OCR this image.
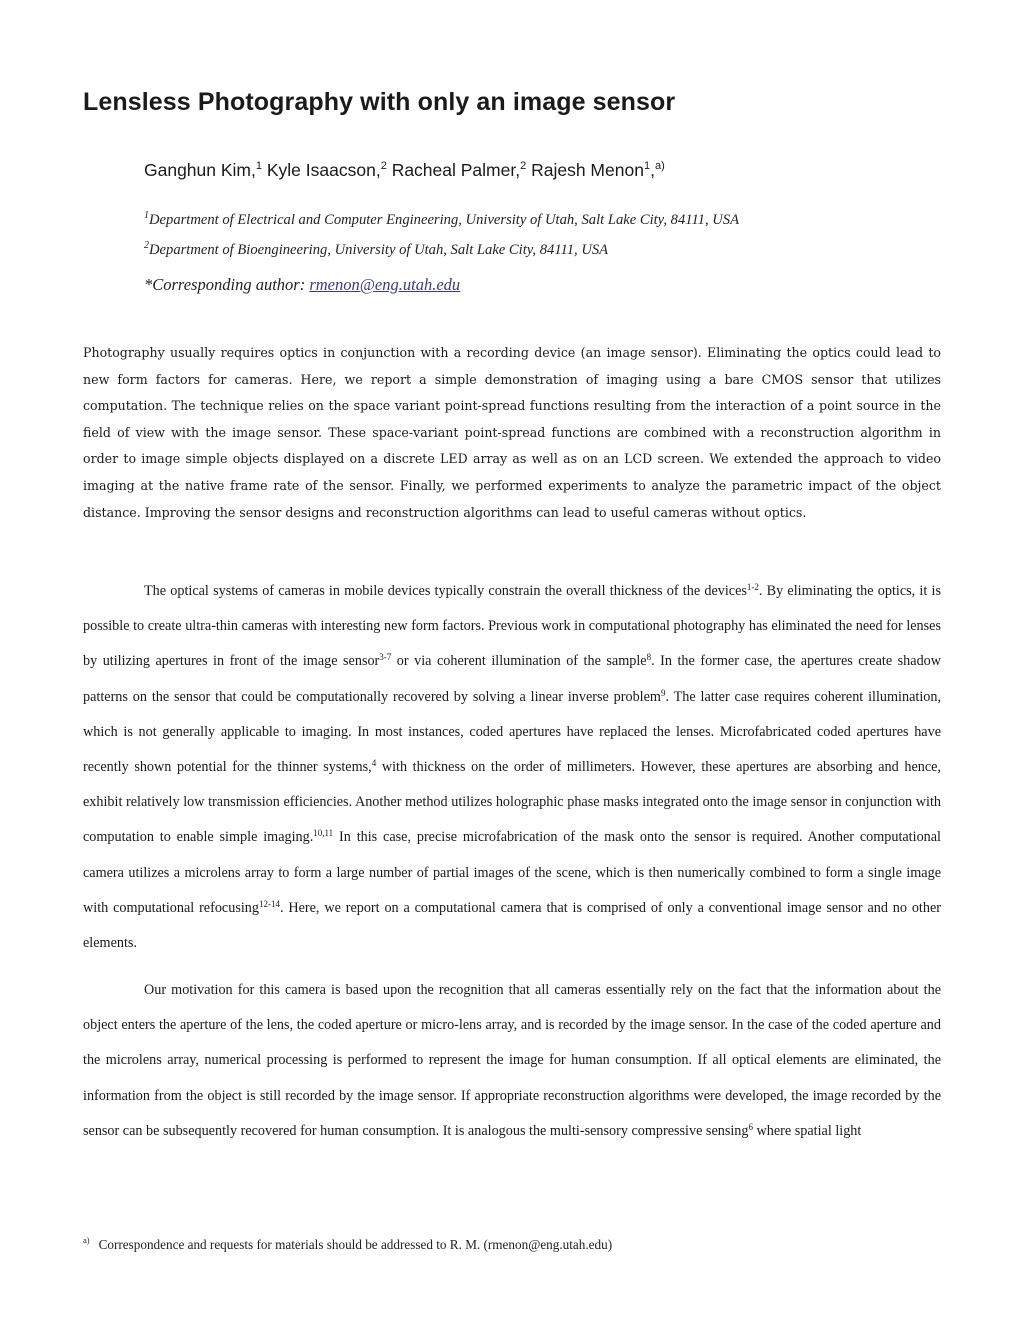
Lensless Photography with only an image sensor
Ganghun Kim,$^1$ Kyle Isaacson,$^2$ Racheal Palmer,$^2$ Rajesh Menon$^1$,$^{a)}$
$^1$Department of Electrical and Computer Engineering, University of Utah, Salt Lake City, 84111, USA
$^2$Department of Bioengineering, University of Utah, Salt Lake City, 84111, USA
*Corresponding author: rmenon@eng.utah.edu

Photography usually requires optics in conjunction with a recording device (an image sensor). Eliminating the optics could lead to new form factors for cameras. Here, we report a simple demonstration of imaging using a bare CMOS sensor that utilizes computation. The technique relies on the space variant point-spread functions resulting from the interaction of a point source in the field of view with the image sensor. These space-variant point-spread functions are combined with a reconstruction algorithm in order to image simple objects displayed on a discrete LED array as well as on an LCD screen. We extended the approach to video imaging at the native frame rate of the sensor. Finally, we performed experiments to analyze the parametric impact of the object distance. Improving the sensor designs and reconstruction algorithms can lead to useful cameras without optics.

The optical systems of cameras in mobile devices typically constrain the overall thickness of the devices$^{1-2}$. By eliminating the optics, it is possible to create ultra-thin cameras with interesting new form factors. Previous work in computational photography has eliminated the need for lenses by utilizing apertures in front of the image sensor$^{3-7}$ or via coherent illumination of the sample$^8$. In the former case, the apertures create shadow patterns on the sensor that could be computationally recovered by solving a linear inverse problem$^9$. The latter case requires coherent illumination, which is not generally applicable to imaging. In most instances, coded apertures have replaced the lenses. Microfabricated coded apertures have recently shown potential for the thinner systems,$^4$ with thickness on the order of millimeters. However, these apertures are absorbing and hence, exhibit relatively low transmission efficiencies. Another method utilizes holographic phase masks integrated onto the image sensor in conjunction with computation to enable simple imaging.$^{10,11}$ In this case, precise microfabrication of the mask onto the sensor is required. Another computational camera utilizes a microlens array to form a large number of partial images of the scene, which is then numerically combined to form a single image with computational refocusing$^{12-14}$. Here, we report on a computational camera that is comprised of only a conventional image sensor and no other elements.

Our motivation for this camera is based upon the recognition that all cameras essentially rely on the fact that the information about the object enters the aperture of the lens, the coded aperture or micro-lens array, and is recorded by the image sensor. In the case of the coded aperture and the microlens array, numerical processing is performed to represent the image for human consumption. If all optical elements are eliminated, the information from the object is still recorded by the image sensor. If appropriate reconstruction algorithms were developed, the image recorded by the sensor can be subsequently recovered for human consumption. It is analogous the multi-sensory compressive sensing$^6$ where spatial light

$^{a)}$ Correspondence and requests for materials should be addressed to R. M. (rmenon@eng.utah.edu)
